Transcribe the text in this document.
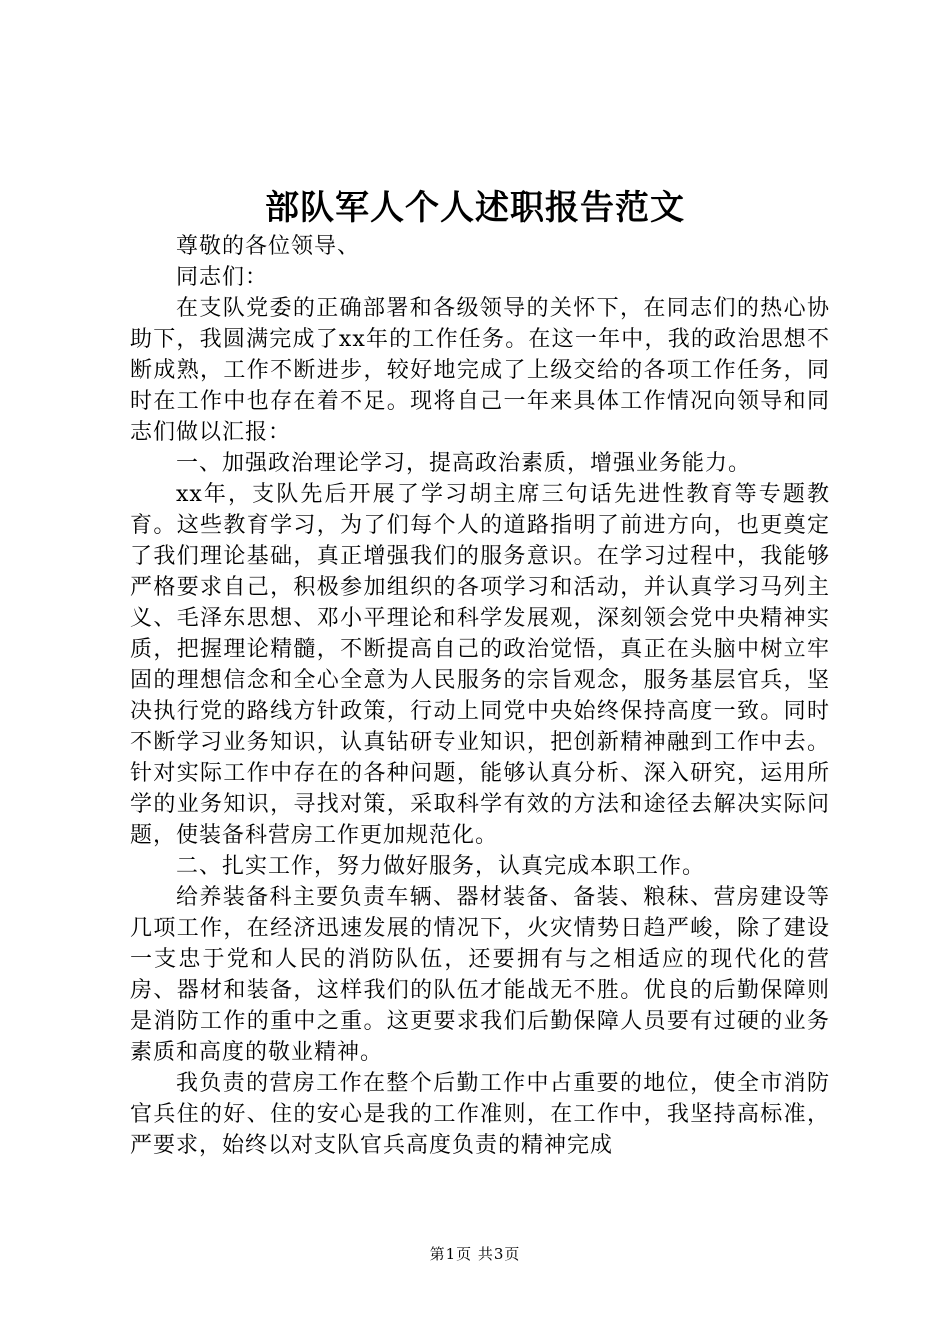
部队军人个人述职报告范文

尊敬的各位领导、

同志们：

在支队党委的正确部署和各级领导的关怀下，在同志们的热心协助下，我圆满完成了xx年的工作任务。在这一年中，我的政治思想不断成熟，工作不断进步，较好地完成了上级交给的各项工作任务，同时在工作中也存在着不足。现将自己一年来具体工作情况向领导和同志们做以汇报：

一、加强政治理论学习，提高政治素质，增强业务能力。

xx年，支队先后开展了学习胡主席三句话先进性教育等专题教育。这些教育学习，为了们每个人的道路指明了前进方向，也更奠定了我们理论基础，真正增强我们的服务意识。在学习过程中，我能够严格要求自己，积极参加组织的各项学习和活动，并认真学习马列主义、毛泽东思想、邓小平理论和科学发展观，深刻领会党中央精神实质，把握理论精髓，不断提高自己的政治觉悟，真正在头脑中树立牢固的理想信念和全心全意为人民服务的宗旨观念，服务基层官兵，坚决执行党的路线方针政策，行动上同党中央始终保持高度一致。同时不断学习业务知识，认真钻研专业知识，把创新精神融到工作中去。针对实际工作中存在的各种问题，能够认真分析、深入研究，运用所学的业务知识，寻找对策，采取科学有效的方法和途径去解决实际问题，使装备科营房工作更加规范化。

二、扎实工作，努力做好服务，认真完成本职工作。

给养装备科主要负责车辆、器材装备、备装、粮秣、营房建设等几项工作，在经济迅速发展的情况下，火灾情势日趋严峻，除了建设一支忠于党和人民的消防队伍，还要拥有与之相适应的现代化的营房、器材和装备，这样我们的队伍才能战无不胜。优良的后勤保障则是消防工作的重中之重。这更要求我们后勤保障人员要有过硬的业务素质和高度的敬业精神。

我负责的营房工作在整个后勤工作中占重要的地位，使全市消防官兵住的好、住的安心是我的工作准则，在工作中，我坚持高标准，严要求，始终以对支队官兵高度负责的精神完成

第1页 共3页
